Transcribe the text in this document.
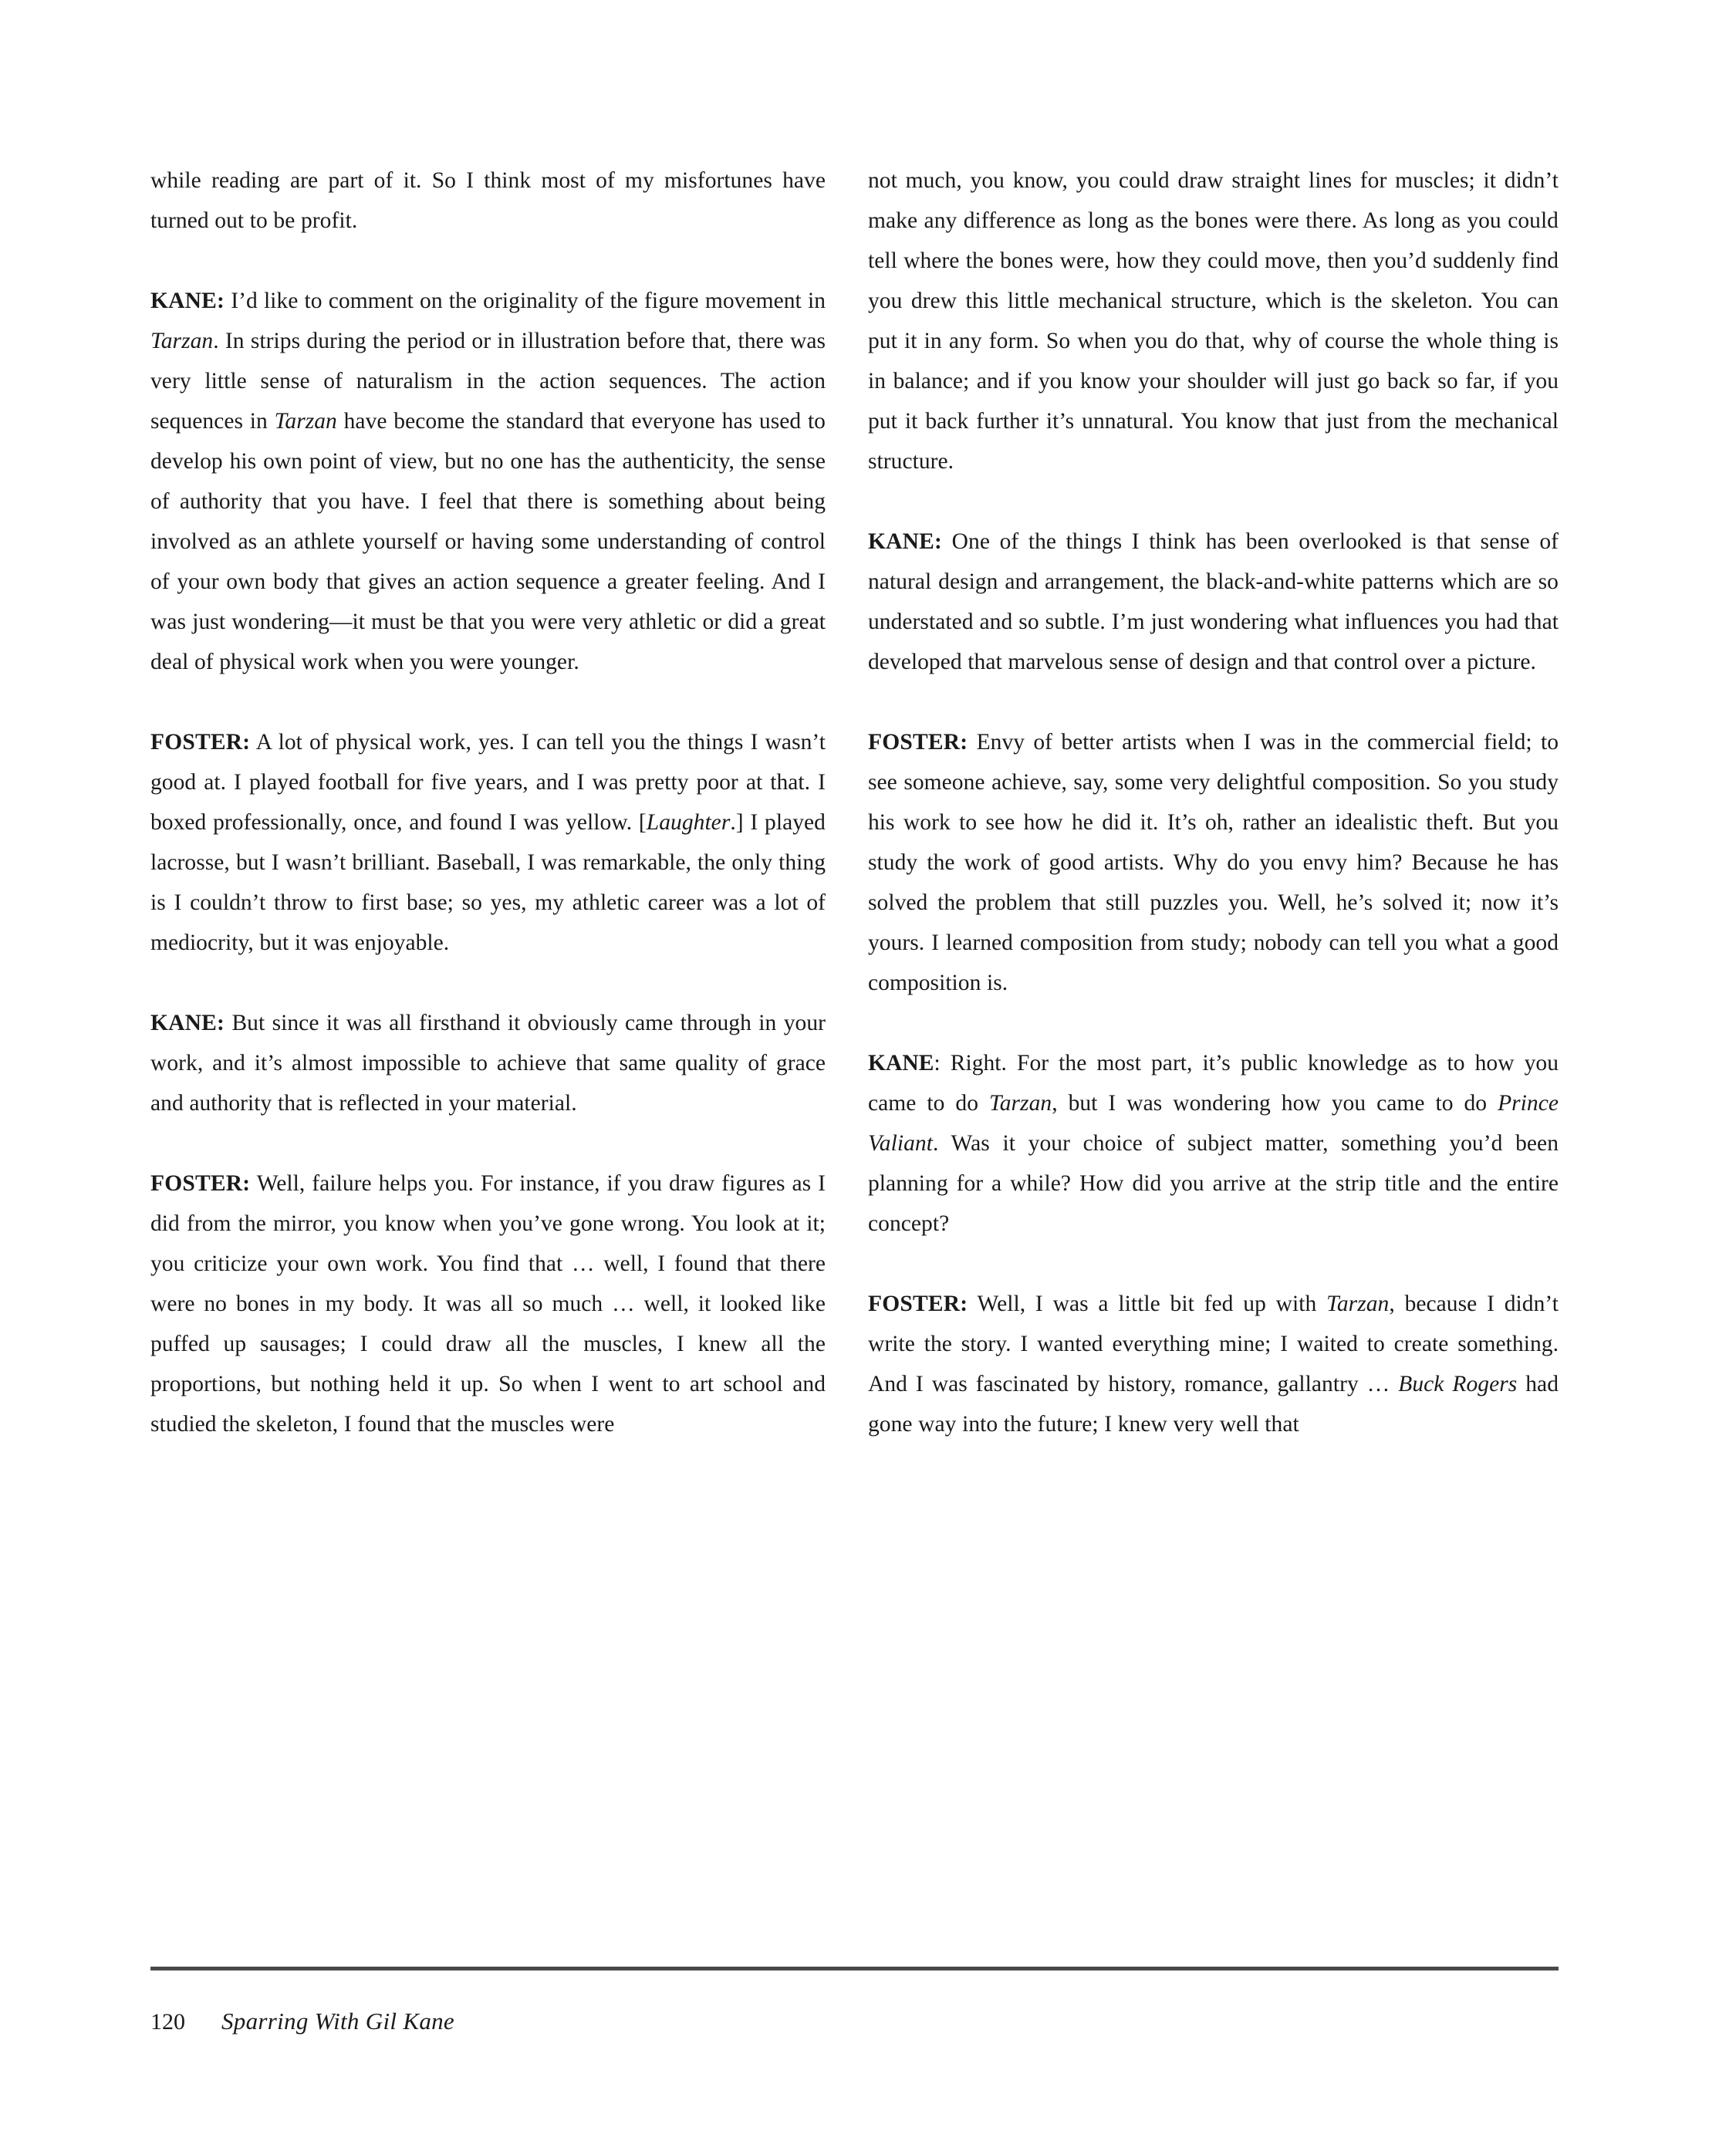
while reading are part of it. So I think most of my misfortunes have turned out to be profit.

KANE: I’d like to comment on the originality of the figure movement in Tarzan. In strips during the period or in illustration before that, there was very little sense of naturalism in the action sequences. The action sequences in Tarzan have become the standard that everyone has used to develop his own point of view, but no one has the authenticity, the sense of authority that you have. I feel that there is something about being involved as an athlete yourself or having some understanding of control of your own body that gives an action sequence a greater feeling. And I was just wondering—it must be that you were very athletic or did a great deal of physical work when you were younger.

FOSTER: A lot of physical work, yes. I can tell you the things I wasn’t good at. I played football for five years, and I was pretty poor at that. I boxed professionally, once, and found I was yellow. [Laughter.] I played lacrosse, but I wasn’t brilliant. Baseball, I was remarkable, the only thing is I couldn’t throw to first base; so yes, my athletic career was a lot of mediocrity, but it was enjoyable.

KANE: But since it was all firsthand it obviously came through in your work, and it’s almost impossible to achieve that same quality of grace and authority that is reflected in your material.

FOSTER: Well, failure helps you. For instance, if you draw figures as I did from the mirror, you know when you’ve gone wrong. You look at it; you criticize your own work. You find that … well, I found that there were no bones in my body. It was all so much … well, it looked like puffed up sausages; I could draw all the muscles, I knew all the proportions, but nothing held it up. So when I went to art school and studied the skeleton, I found that the muscles were

not much, you know, you could draw straight lines for muscles; it didn’t make any difference as long as the bones were there. As long as you could tell where the bones were, how they could move, then you’d suddenly find you drew this little mechanical structure, which is the skeleton. You can put it in any form. So when you do that, why of course the whole thing is in balance; and if you know your shoulder will just go back so far, if you put it back further it’s unnatural. You know that just from the mechanical structure.

KANE: One of the things I think has been overlooked is that sense of natural design and arrangement, the black-and-white patterns which are so understated and so subtle. I’m just wondering what influences you had that developed that marvelous sense of design and that control over a picture.

FOSTER: Envy of better artists when I was in the commercial field; to see someone achieve, say, some very delightful composition. So you study his work to see how he did it. It’s oh, rather an idealistic theft. But you study the work of good artists. Why do you envy him? Because he has solved the problem that still puzzles you. Well, he’s solved it; now it’s yours. I learned composition from study; nobody can tell you what a good composition is.

KANE: Right. For the most part, it’s public knowledge as to how you came to do Tarzan, but I was wondering how you came to do Prince Valiant. Was it your choice of subject matter, something you’d been planning for a while? How did you arrive at the strip title and the entire concept?

FOSTER: Well, I was a little bit fed up with Tarzan, because I didn’t write the story. I wanted everything mine; I waited to create something. And I was fascinated by history, romance, gallantry … Buck Rogers had gone way into the future; I knew very well that

120	Sparring With Gil Kane
